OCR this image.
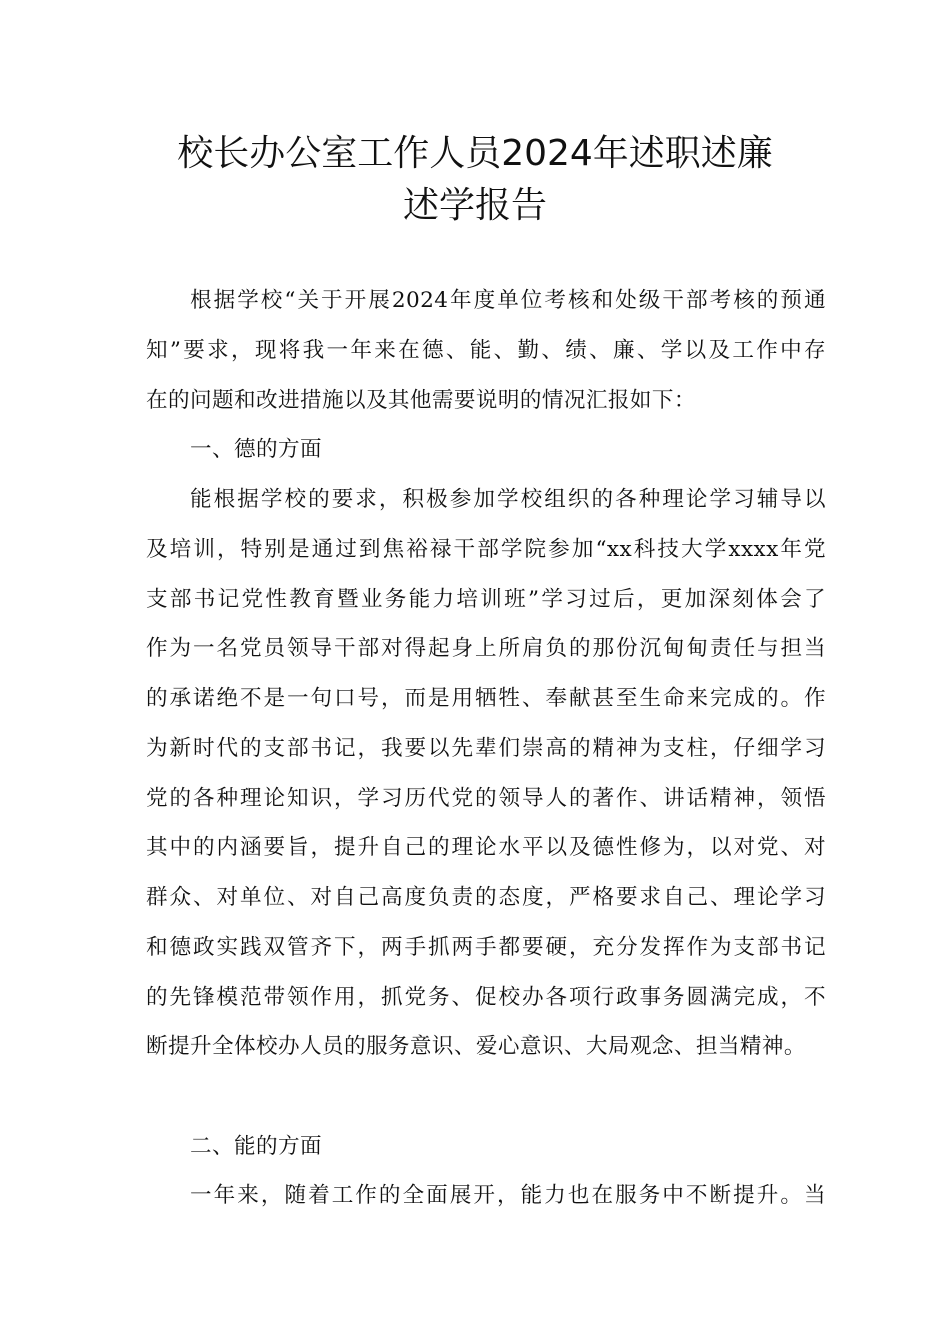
校长办公室工作人员2024年述职述廉
述学报告
根据学校“关于开展2024年度单位考核和处级干部考核的预通
知”要求，现将我一年来在德、能、勤、绩、廉、学以及工作中存
在的问题和改进措施以及其他需要说明的情况汇报如下：
一、德的方面
能根据学校的要求，积极参加学校组织的各种理论学习辅导以
及培训，特别是通过到焦裕禄干部学院参加“xx科技大学xxxx年党
支部书记党性教育暨业务能力培训班”学习过后，更加深刻体会了
作为一名党员领导干部对得起身上所肩负的那份沉甸甸责任与担当
的承诺绝不是一句口号，而是用牺牲、奉献甚至生命来完成的。作
为新时代的支部书记，我要以先辈们崇高的精神为支柱，仔细学习
党的各种理论知识，学习历代党的领导人的著作、讲话精神，领悟
其中的内涵要旨，提升自己的理论水平以及德性修为，以对党、对
群众、对单位、对自己高度负责的态度，严格要求自己、理论学习
和德政实践双管齐下，两手抓两手都要硬，充分发挥作为支部书记
的先锋模范带领作用，抓党务、促校办各项行政事务圆满完成，不
断提升全体校办人员的服务意识、爱心意识、大局观念、担当精神。
二、能的方面
一年来，随着工作的全面展开，能力也在服务中不断提升。当
